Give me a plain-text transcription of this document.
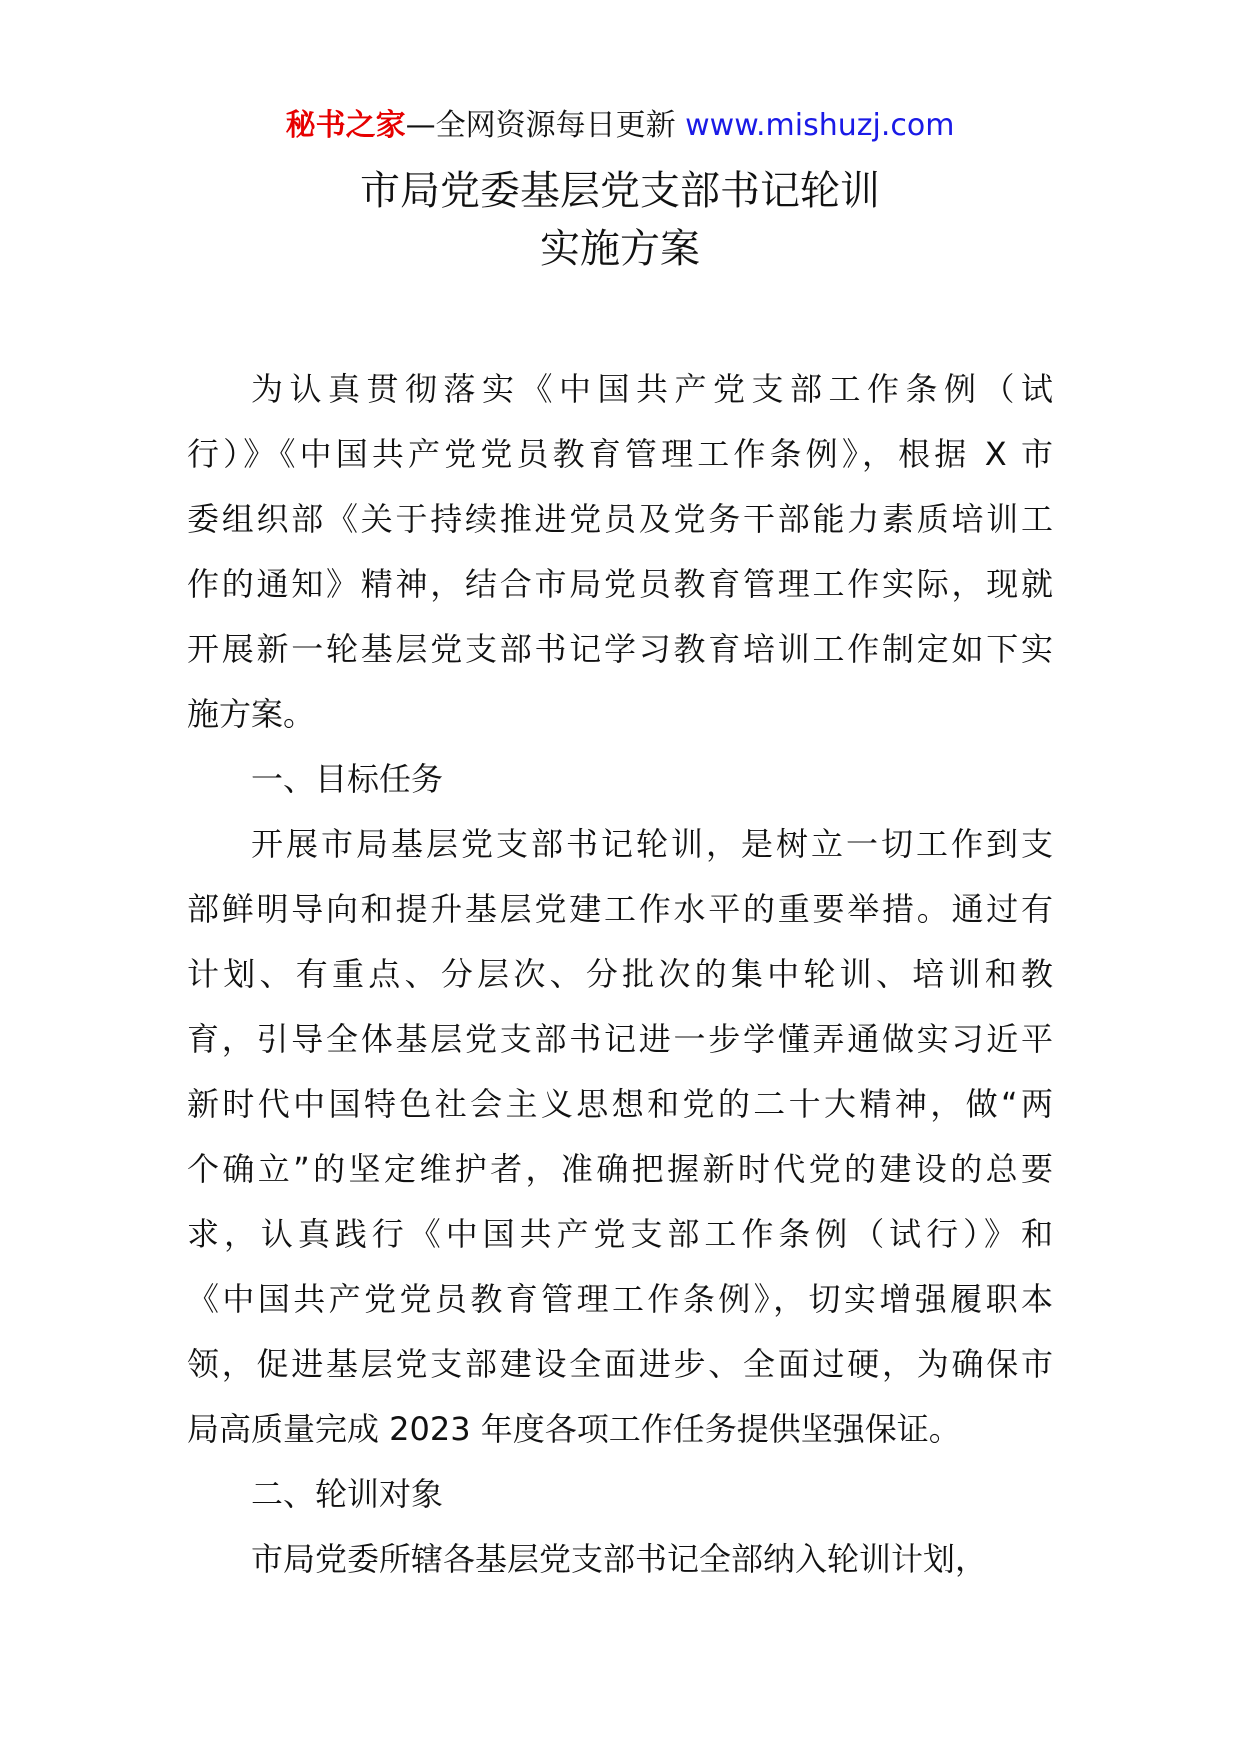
秘书之家—全网资源每日更新 www.mishuzj.com
市局党委基层党支部书记轮训
实施方案
为认真贯彻落实《中国共产党支部工作条例（试
行）》《中国共产党党员教育管理工作条例》，根据 X 市
委组织部《关于持续推进党员及党务干部能力素质培训工
作的通知》精神，结合市局党员教育管理工作实际，现就
开展新一轮基层党支部书记学习教育培训工作制定如下实
施方案。
一、目标任务
开展市局基层党支部书记轮训，是树立一切工作到支
部鲜明导向和提升基层党建工作水平的重要举措。通过有
计划、有重点、分层次、分批次的集中轮训、培训和教
育，引导全体基层党支部书记进一步学懂弄通做实习近平
新时代中国特色社会主义思想和党的二十大精神，做“两
个确立”的坚定维护者，准确把握新时代党的建设的总要
求，认真践行《中国共产党支部工作条例（试行）》和
《中国共产党党员教育管理工作条例》，切实增强履职本
领，促进基层党支部建设全面进步、全面过硬，为确保市
局高质量完成 2023 年度各项工作任务提供坚强保证。
二、轮训对象
市局党委所辖各基层党支部书记全部纳入轮训计划，
